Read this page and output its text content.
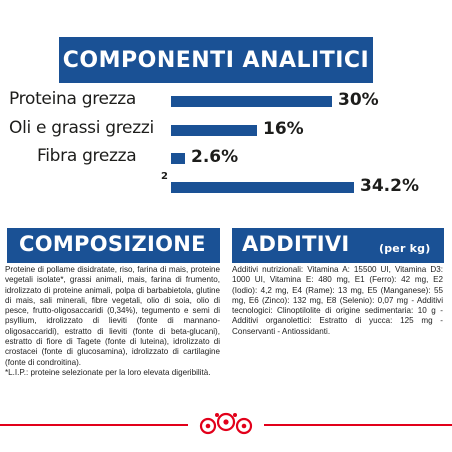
COMPONENTI ANALITICI
Proteina grezza	30%
Oli e grassi grezzi	16%
Fibra grezza	2.6%
2	34.2%
COMPOSIZIONE

Proteine di pollame disidratate, riso, farina di mais, proteine vegetali isolate*, grassi animali, mais, farina di frumento, idrolizzato di proteine animali, polpa di barbabietola, glutine di mais, sali minerali, fibre vegetali, olio di soia, olio di pesce, frutto-oligosaccaridi (0,34%), tegumento e semi di psyllium, idrolizzato di lieviti (fonte di mannano-oligosaccaridi), estratto di lieviti (fonte di beta-glucani), estratto di fiore di Tagete (fonte di luteina), idrolizzato di crostacei (fonte di glucosamina), idrolizzato di cartilagine (fonte di condroitina).

*L.I.P.: proteine selezionate per la loro elevata digeribilità.

ADDITIVI	(per kg)

Additivi nutrizionali: Vitamina A: 15500 UI, Vitamina D3: 1000 UI, Vitamina E: 480 mg, E1 (Ferro): 42 mg, E2 (Iodio): 4,2 mg, E4 (Rame): 13 mg, E5 (Manganese): 55 mg, E6 (Zinco): 132 mg, E8 (Selenio): 0,07 mg - Additivi tecnologici: Clinoptilolite di origine sedimentaria: 10 g - Additivi organolettici: Estratto di yucca: 125 mg - Conservanti - Antiossidanti.
